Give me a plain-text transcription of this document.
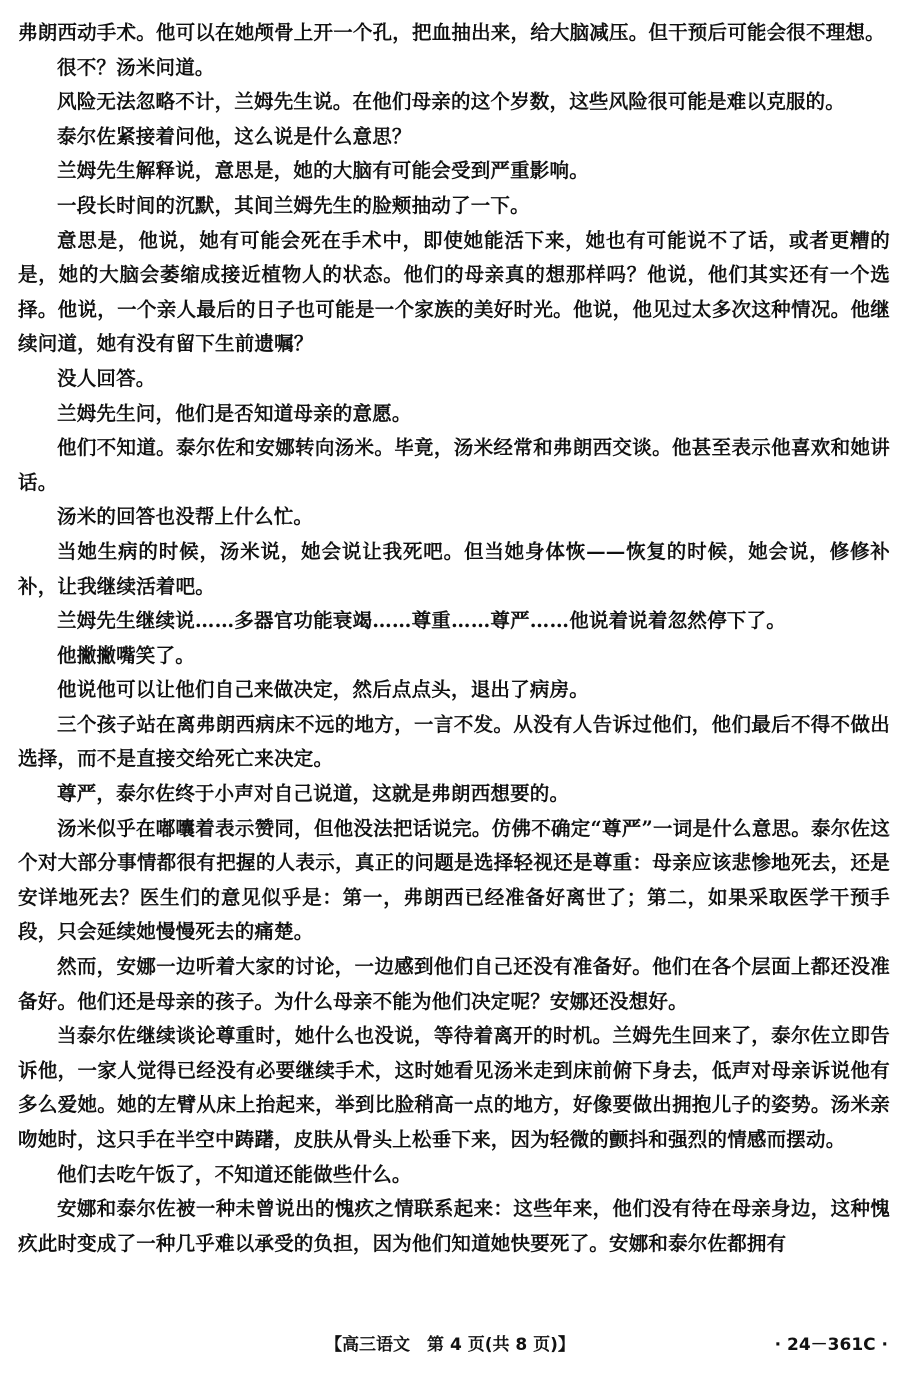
弗朗西动手术。他可以在她颅骨上开一个孔，把血抽出来，给大脑减压。但干预后可能会很不理想。

很不？汤米问道。

风险无法忽略不计，兰姆先生说。在他们母亲的这个岁数，这些风险很可能是难以克服的。

泰尔佐紧接着问他，这么说是什么意思？

兰姆先生解释说，意思是，她的大脑有可能会受到严重影响。

一段长时间的沉默，其间兰姆先生的脸颊抽动了一下。

意思是，他说，她有可能会死在手术中，即使她能活下来，她也有可能说不了话，或者更糟的是，她的大脑会萎缩成接近植物人的状态。他们的母亲真的想那样吗？他说，他们其实还有一个选择。他说，一个亲人最后的日子也可能是一个家族的美好时光。他说，他见过太多次这种情况。他继续问道，她有没有留下生前遗嘱？

没人回答。

兰姆先生问，他们是否知道母亲的意愿。

他们不知道。泰尔佐和安娜转向汤米。毕竟，汤米经常和弗朗西交谈。他甚至表示他喜欢和她讲话。

汤米的回答也没帮上什么忙。

当她生病的时候，汤米说，她会说让我死吧。但当她身体恢——恢复的时候，她会说，修修补补，让我继续活着吧。

兰姆先生继续说……多器官功能衰竭……尊重……尊严……他说着说着忽然停下了。

他撇撇嘴笑了。

他说他可以让他们自己来做决定，然后点点头，退出了病房。

三个孩子站在离弗朗西病床不远的地方，一言不发。从没有人告诉过他们，他们最后不得不做出选择，而不是直接交给死亡来决定。

尊严，泰尔佐终于小声对自己说道，这就是弗朗西想要的。

汤米似乎在嘟囔着表示赞同，但他没法把话说完。仿佛不确定“尊严”一词是什么意思。泰尔佐这个对大部分事情都很有把握的人表示，真正的问题是选择轻视还是尊重：母亲应该悲惨地死去，还是安详地死去？医生们的意见似乎是：第一，弗朗西已经准备好离世了；第二，如果采取医学干预手段，只会延续她慢慢死去的痛楚。

然而，安娜一边听着大家的讨论，一边感到他们自己还没有准备好。他们在各个层面上都还没准备好。他们还是母亲的孩子。为什么母亲不能为他们决定呢？安娜还没想好。

当泰尔佐继续谈论尊重时，她什么也没说，等待着离开的时机。兰姆先生回来了，泰尔佐立即告诉他，一家人觉得已经没有必要继续手术，这时她看见汤米走到床前俯下身去，低声对母亲诉说他有多么爱她。她的左臂从床上抬起来，举到比脸稍高一点的地方，好像要做出拥抱儿子的姿势。汤米亲吻她时，这只手在半空中踌躇，皮肤从骨头上松垂下来，因为轻微的颤抖和强烈的情感而摆动。

他们去吃午饭了，不知道还能做些什么。

安娜和泰尔佐被一种未曾说出的愧疚之情联系起来：这些年来，他们没有待在母亲身边，这种愧疚此时变成了一种几乎难以承受的负担，因为他们知道她快要死了。安娜和泰尔佐都拥有

【高三语文　第 4 页(共 8 页)】	· 24－361C ·
